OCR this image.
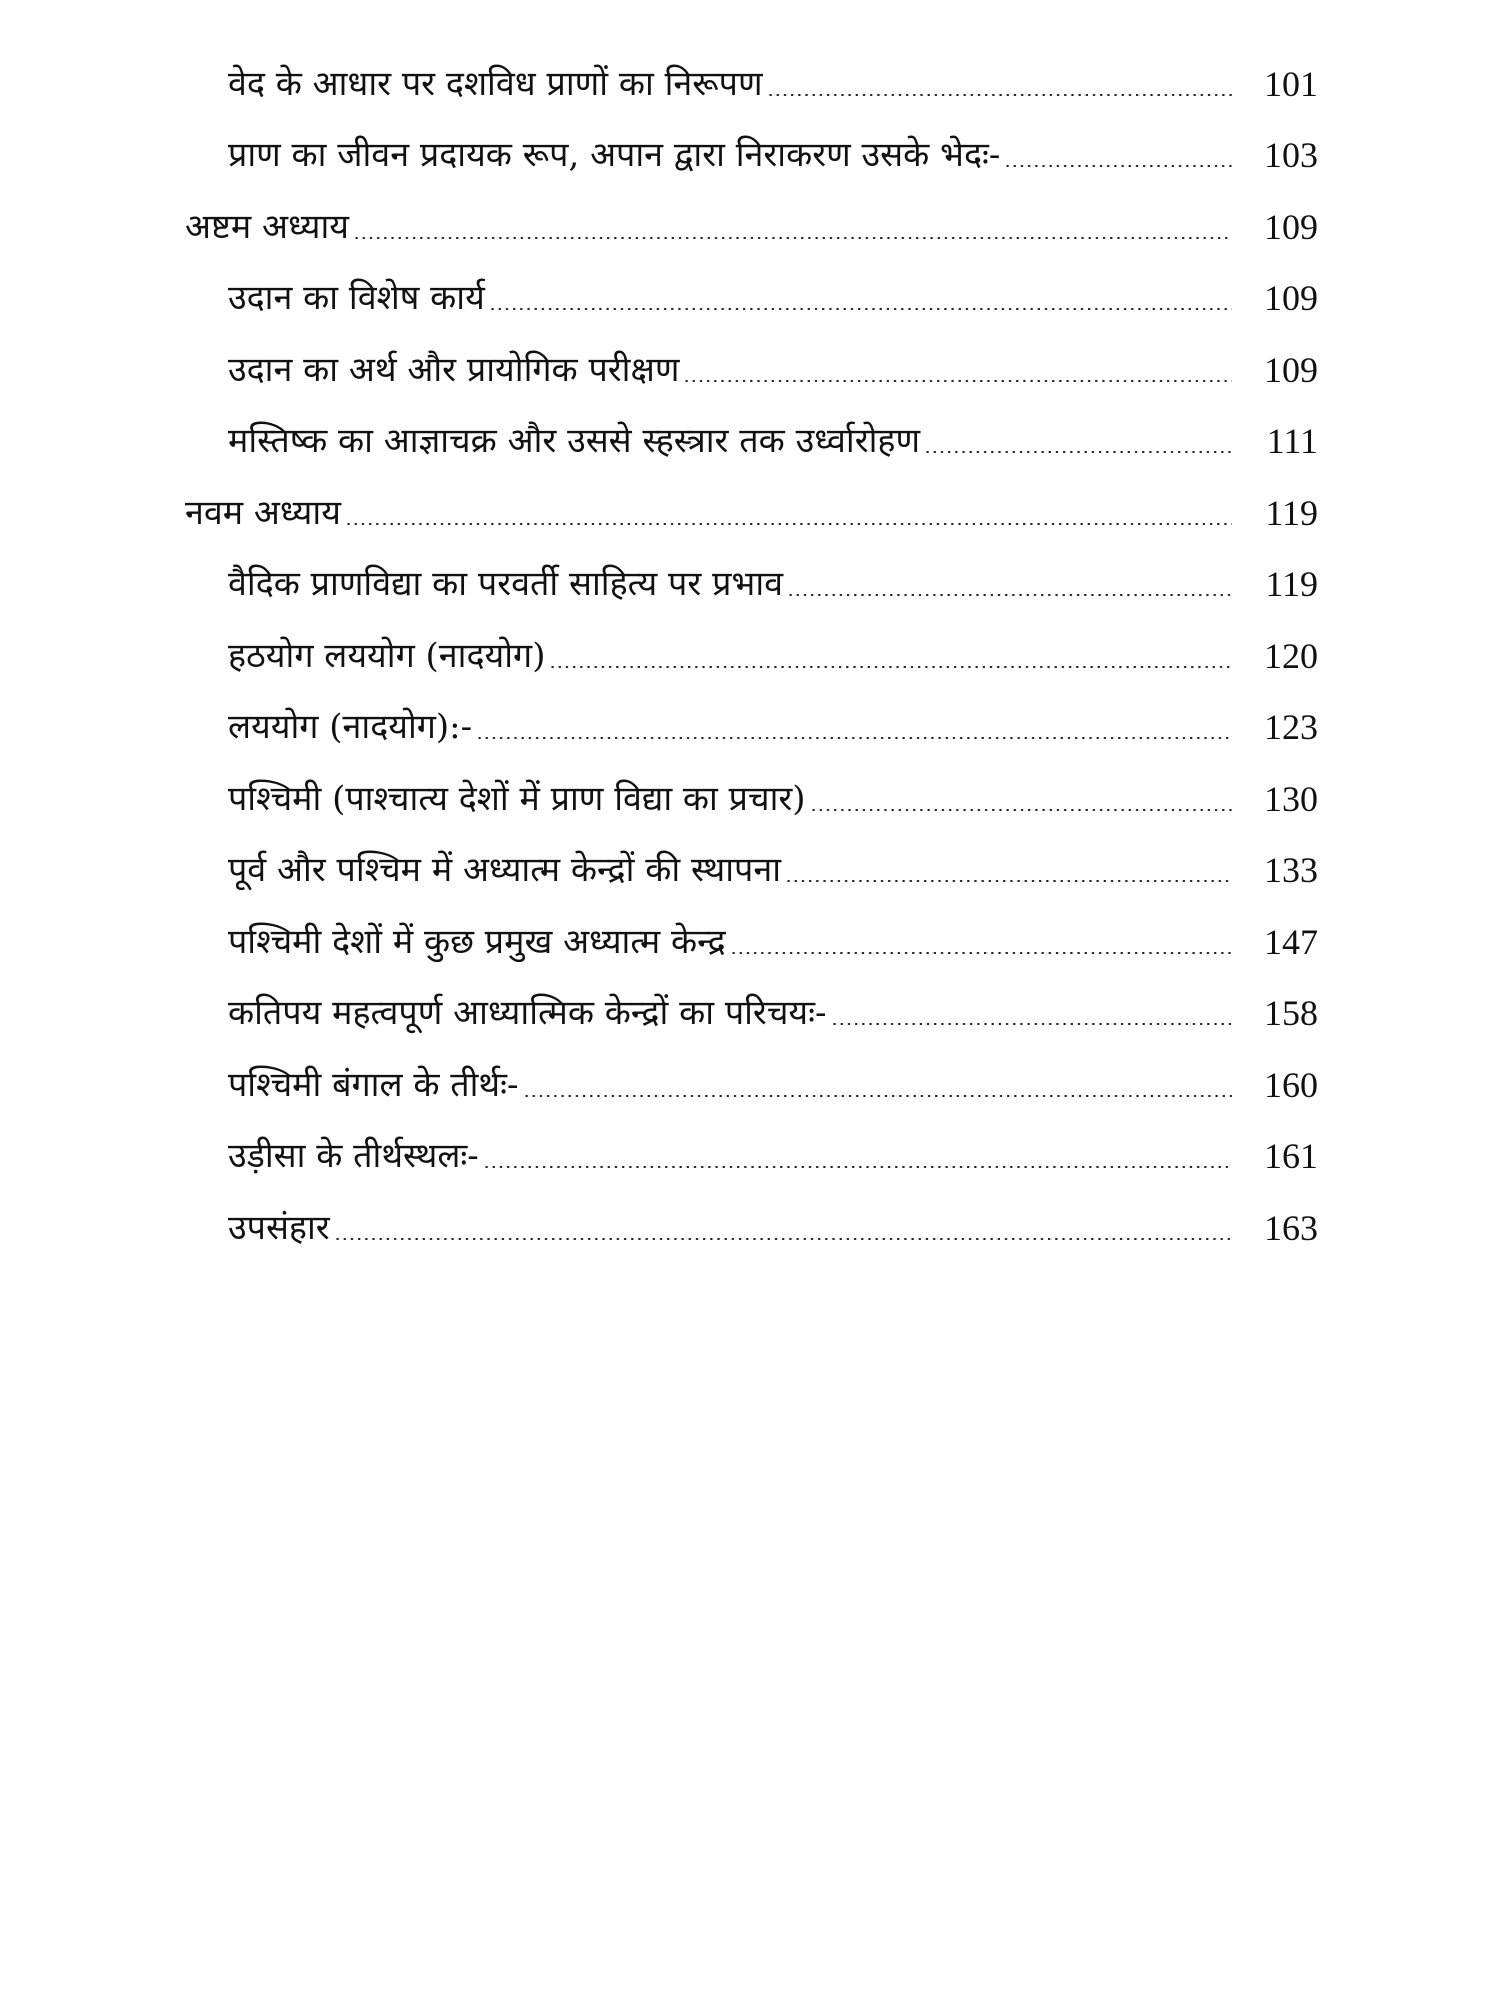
वेद के आधार पर दशविध प्राणों का निरूपण	101
प्राण का जीवन प्रदायक रूप, अपान द्वारा निराकरण उसके भेदः-	103
अष्टम अध्याय	109
उदान का विशेष कार्य	109
उदान का अर्थ और प्रायोगिक परीक्षण	109
मस्तिष्क का आज्ञाचक्र और उससे स्हस्त्रार तक उर्ध्वारोहण	111
नवम अध्याय	119
वैदिक प्राणविद्या का परवर्ती साहित्य पर प्रभाव	119
हठयोग लययोग (नादयोग)	120
लययोग (नादयोग):-	123
पश्चिमी (पाश्चात्य देशों में प्राण विद्या का प्रचार)	130
पूर्व और पश्चिम में अध्यात्म केन्द्रों की स्थापना	133
पश्चिमी देशों में कुछ प्रमुख अध्यात्म केन्द्र	147
कतिपय महत्वपूर्ण आध्यात्मिक केन्द्रों का परिचयः-	158
पश्चिमी बंगाल के तीर्थः-	160
उड़ीसा के तीर्थस्थलः-	161
उपसंहार	163
